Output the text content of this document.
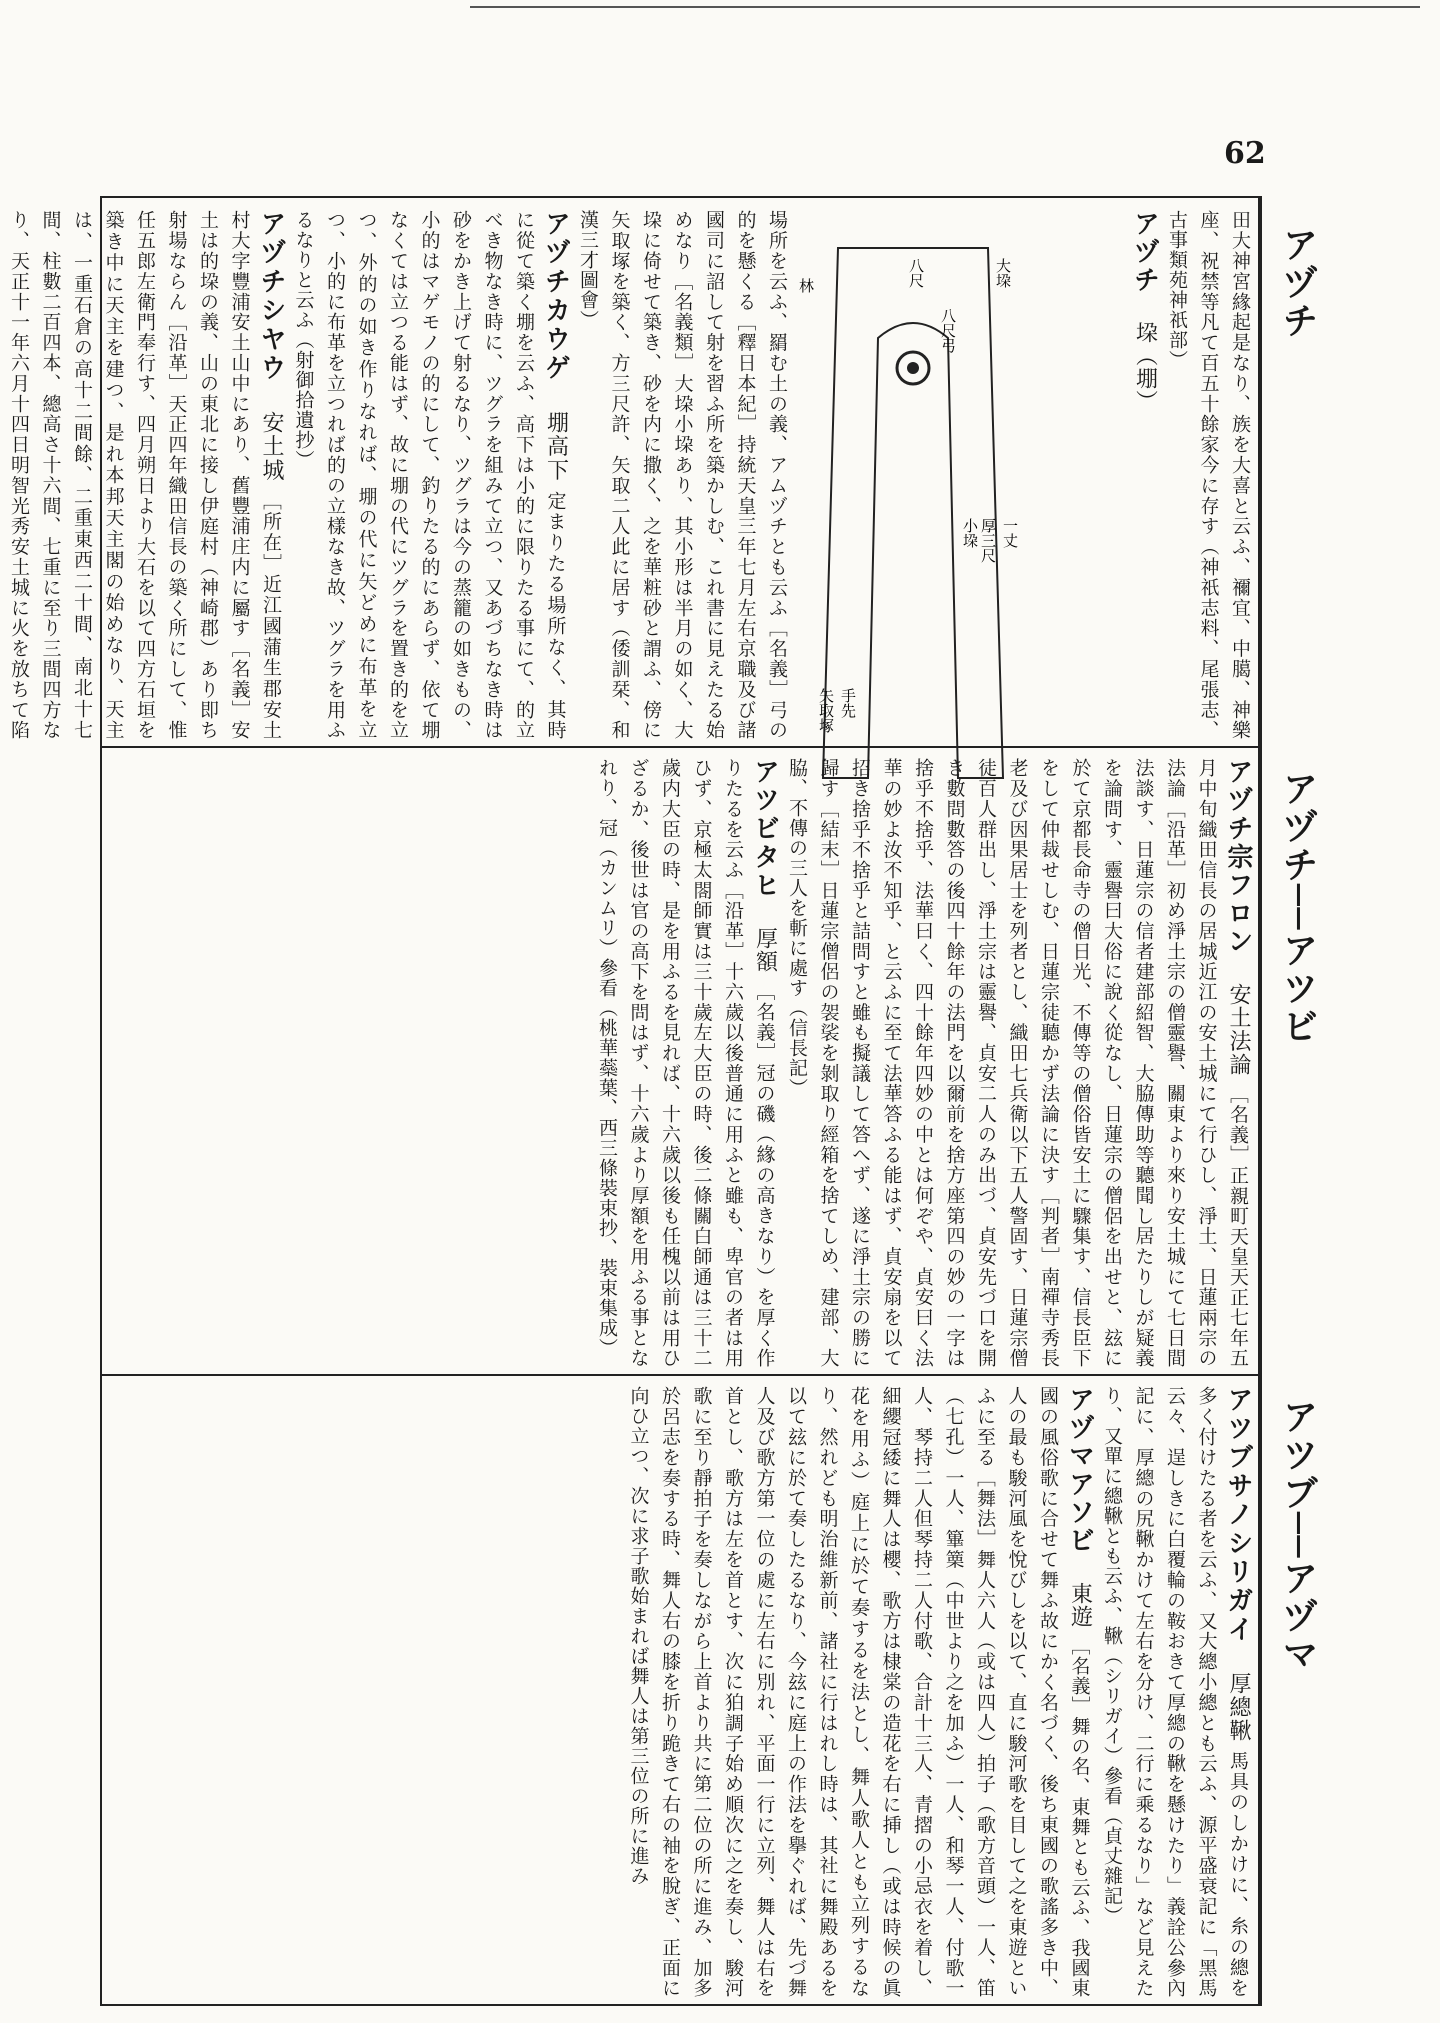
62
アヅチ
アヅチ──アツビ
アツブ──アヅマ

田大神宮緣起是なり、族を大喜と云ふ、禰宜、中臈、神樂座、祝禁等凡て百五十餘家今に存す（神祇志料、尾張志、古事類苑神祇部）

アヅチ 垜（堋）

大垜
八尺
八尺弓
一丈
厚三尺
小垜
手先
矢取塚
林

場所を云ふ、羂む土の義、アムヅチとも云ふ［名義］弓の的を懸くる［釋日本紀］持統天皇三年七月左右京職及び諸國司に詔して射を習ふ所を築かしむ、これ書に見えたる始めなり［名義類］大垜小垜あり、其小形は半月の如く、大垜に倚せて築き、砂を内に撒く、之を華粧砂と謂ふ、傍に矢取塚を築く、方三尺許、矢取二人此に居す（倭訓栞、和漢三才圖會）

アヅチカウゲ 堋高下 定まりたる場所なく、其時に從て築く堋を云ふ、高下は小的に限りたる事にて、的立べき物なき時に、ツグラを組みて立つ、又あづちなき時は砂をかき上げて射るなり、ツグラは今の蒸籠の如きもの、小的はマゲモノの的にして、釣りたる的にあらず、依て堋なくては立つる能はず、故に堋の代にツグラを置き的を立つ、外的の如き作りなれば、堋の代に矢どめに布革を立つ、小的に布革を立つれば的の立樣なき故、ツグラを用ふるなりと云ふ（射御拾遺抄）

アヅチシヤウ 安土城 ［所在］近江國蒲生郡安土村大字豐浦安土山中にあり、舊豐浦庄内に屬す［名義］安土は的垜の義、山の東北に接し伊庭村（神崎郡）あり即ち射場ならん［沿革］天正四年織田信長の築く所にして、惟任五郎左衛門奉行す、四月朔日より大石を以て四方石垣を築き中に天主を建つ、是れ本邦天主閣の始めなり、天主は、一重石倉の高十二間餘、二重東西二十間、南北十七間、柱數二百四本、總高さ十六間、七重に至り三間四方なり、天正十一年六月十四日明智光秀安土城に火を放ちて陷

アヅチ宗フロン 安土法論 ［名義］正親町天皇天正七年五月中旬織田信長の居城近江の安土城にて行ひし、淨土、日蓮兩宗の法論［沿革］初め淨土宗の僧靈譽、關東より來り安土城にて七日間法談す、日蓮宗の信者建部紹智、大脇傳助等聽聞し居たりしが疑義を論問す、靈譽曰大俗に說く從なし、日蓮宗の僧侶を出せと、玆に於て京都長命寺の僧日光、不傳等の僧俗皆安土に驟集す、信長臣下をして仲裁せしむ、日蓮宗徒聽かず法論に決す［判者］南禪寺秀長老及び因果居士を列者とし、織田七兵衛以下五人警固す、日蓮宗僧徒百人群出し、淨土宗は靈譽、貞安二人のみ出づ、貞安先づ口を開き數問數答の後四十餘年の法門を以爾前を捨方座第四の妙の一字は捨乎不捨乎、法華曰く、四十餘年四妙の中とは何ぞや、貞安曰く法華の妙よ汝不知乎、と云ふに至て法華答ふる能はず、貞安扇を以て招き捨乎不捨乎と詰問すと雖も擬議して答へず、遂に淨土宗の勝に歸す［結末］日蓮宗僧侶の袈裟を剝取り經箱を捨てしめ、建部、大脇、不傳の三人を斬に處す（信長記）

アツビタヒ 厚額 ［名義］冠の磯（緣の高きなり）を厚く作りたるを云ふ［沿革］十六歲以後普通に用ふと雖も、卑官の者は用ひず、京極太閤師實は三十歲左大臣の時、後二條關白師通は三十二歲内大臣の時、是を用ふるを見れば、十六歲以後も任槐以前は用ひざるか、後世は官の高下を問はず、十六歲より厚額を用ふる事となれり、冠（カンムリ）參看（桃華蘂葉、西三條裝束抄、裝束集成）

アツブサノシリガイ 厚總鞦 馬具のしかけに、糸の總を多く付けたる者を云ふ、又大總小總とも云ふ、源平盛衰記に「黑馬云々、逞しきに白覆輪の鞍おきて厚總の鞦を懸けたり」義詮公參內記に、厚總の尻鞦かけて左右を分け、二行に乘るなり」など見えたり、又單に總鞦とも云ふ、鞦（シリガイ）參看（貞丈雜記）

アヅマアソビ 東遊 ［名義］舞の名、東舞とも云ふ、我國東國の風俗歌に合せて舞ふ故にかく名づく、後ち東國の歌謠多き中、人の最も駿河風を悅びしを以て、直に駿河歌を目して之を東遊といふに至る［舞法］舞人六人（或は四人）拍子（歌方音頭）一人、笛（七孔）一人、篳篥（中世より之を加ふ）一人、和琴一人、付歌一人、琴持二人但琴持二人付歌、合計十三人、青摺の小忌衣を着し、細纓冠緌に舞人は櫻、歌方は棣棠の造花を右に挿し（或は時候の眞花を用ふ）庭上に於て奏するを法とし、舞人歌人とも立列するなり、然れども明治維新前、諸社に行はれし時は、其社に舞殿あるを以て玆に於て奏したるなり、今玆に庭上の作法を擧ぐれば、先づ舞人及び歌方第一位の處に左右に別れ、平面一行に立列、舞人は右を首とし、歌方は左を首とす、次に狛調子始め順次に之を奏し、駿河歌に至り靜拍子を奏しながら上首より共に第二位の所に進み、加多於呂志を奏する時、舞人右の膝を折り跪きて右の袖を脫ぎ、正面に向ひ立つ、次に求子歌始まれば舞人は第三位の所に進み
